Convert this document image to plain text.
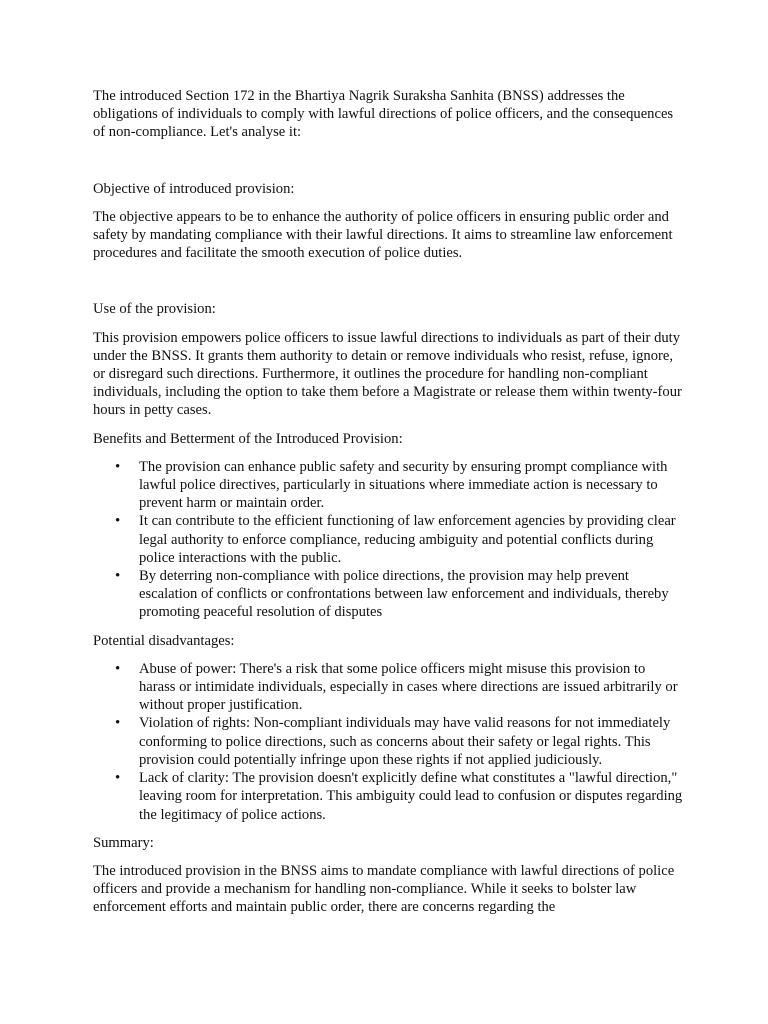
The introduced Section 172 in the Bhartiya Nagrik Suraksha Sanhita (BNSS) addresses the obligations of individuals to comply with lawful directions of police officers, and the consequences of non-compliance. Let's analyse it:

Objective of introduced provision:

The objective appears to be to enhance the authority of police officers in ensuring public order and safety by mandating compliance with their lawful directions. It aims to streamline law enforcement procedures and facilitate the smooth execution of police duties.

Use of the provision:

This provision empowers police officers to issue lawful directions to individuals as part of their duty under the BNSS. It grants them authority to detain or remove individuals who resist, refuse, ignore, or disregard such directions. Furthermore, it outlines the procedure for handling non-compliant individuals, including the option to take them before a Magistrate or release them within twenty-four hours in petty cases.

Benefits and Betterment of the Introduced Provision:

• The provision can enhance public safety and security by ensuring prompt compliance with lawful police directives, particularly in situations where immediate action is necessary to prevent harm or maintain order.
• It can contribute to the efficient functioning of law enforcement agencies by providing clear legal authority to enforce compliance, reducing ambiguity and potential conflicts during police interactions with the public.
• By deterring non-compliance with police directions, the provision may help prevent escalation of conflicts or confrontations between law enforcement and individuals, thereby promoting peaceful resolution of disputes

Potential disadvantages:

• Abuse of power: There's a risk that some police officers might misuse this provision to harass or intimidate individuals, especially in cases where directions are issued arbitrarily or without proper justification.
• Violation of rights: Non-compliant individuals may have valid reasons for not immediately conforming to police directions, such as concerns about their safety or legal rights. This provision could potentially infringe upon these rights if not applied judiciously.
• Lack of clarity: The provision doesn't explicitly define what constitutes a "lawful direction," leaving room for interpretation. This ambiguity could lead to confusion or disputes regarding the legitimacy of police actions.

Summary:

The introduced provision in the BNSS aims to mandate compliance with lawful directions of police officers and provide a mechanism for handling non-compliance. While it seeks to bolster law enforcement efforts and maintain public order, there are concerns regarding the
